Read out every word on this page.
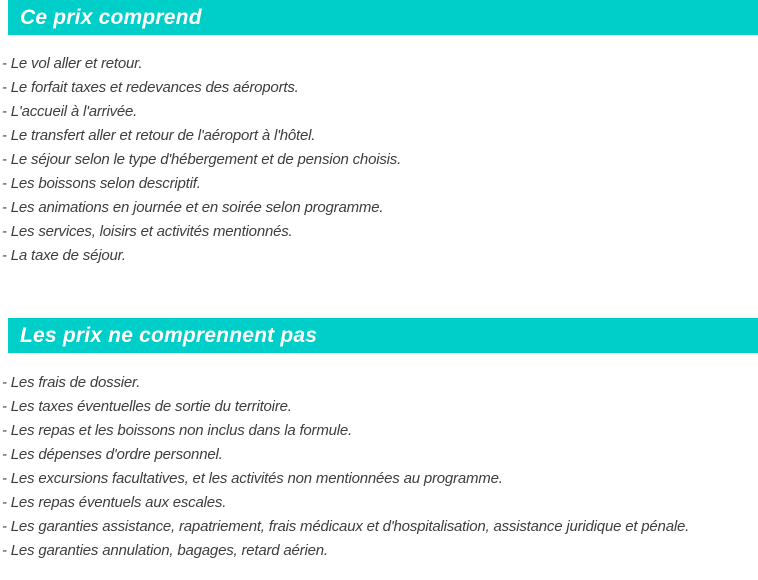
Ce prix comprend
- Le vol aller et retour.
- Le forfait taxes et redevances des aéroports.
- L'accueil à l'arrivée.
- Le transfert aller et retour de l'aéroport à l'hôtel.
- Le séjour selon le type d'hébergement et de pension choisis.
- Les boissons selon descriptif.
- Les animations en journée et en soirée selon programme.
- Les services, loisirs et activités mentionnés.
- La taxe de séjour.
Les prix ne comprennent pas
- Les frais de dossier.
- Les taxes éventuelles de sortie du territoire.
- Les repas et les boissons non inclus dans la formule.
- Les dépenses d'ordre personnel.
- Les excursions facultatives, et les activités non mentionnées au programme.
- Les repas éventuels aux escales.
- Les garanties assistance, rapatriement, frais médicaux et d'hospitalisation, assistance juridique et pénale.
- Les garanties annulation, bagages, retard aérien.
